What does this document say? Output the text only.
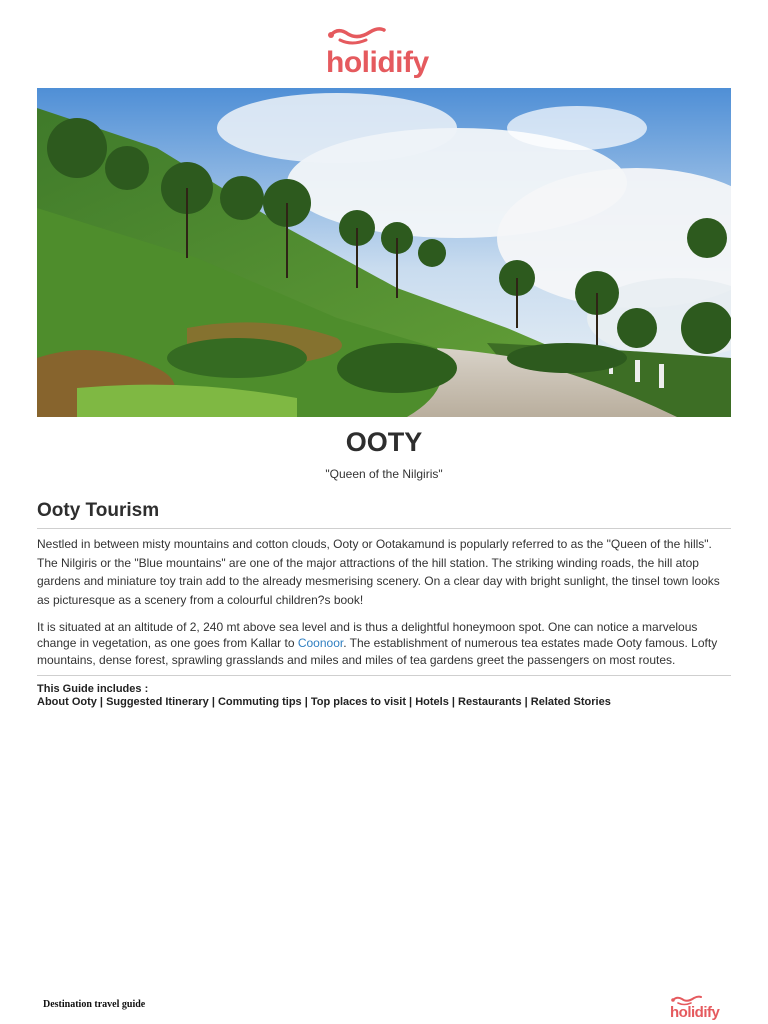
holidify
OOTY
"Queen of the Nilgiris"
Ooty Tourism

Nestled in between misty mountains and cotton clouds, Ooty or Ootakamund is popularly referred to as the "Queen of the hills". The Nilgiris or the "Blue mountains" are one of the major attractions of the hill station. The striking winding roads, the hill atop gardens and miniature toy train add to the already mesmerising scenery. On a clear day with bright sunlight, the tinsel town looks as picturesque as a scenery from a colourful children?s book!

It is situated at an altitude of 2, 240 mt above sea level and is thus a delightful honeymoon spot. One can notice a marvelous change in vegetation, as one goes from Kallar to Coonoor. The establishment of numerous tea estates made Ooty famous. Lofty mountains, dense forest, sprawling grasslands and miles and miles of tea gardens greet the passengers on most routes.

This Guide includes :
About Ooty | Suggested Itinerary | Commuting tips | Top places to visit | Hotels | Restaurants | Related Stories
Destination travel guide	holidify
